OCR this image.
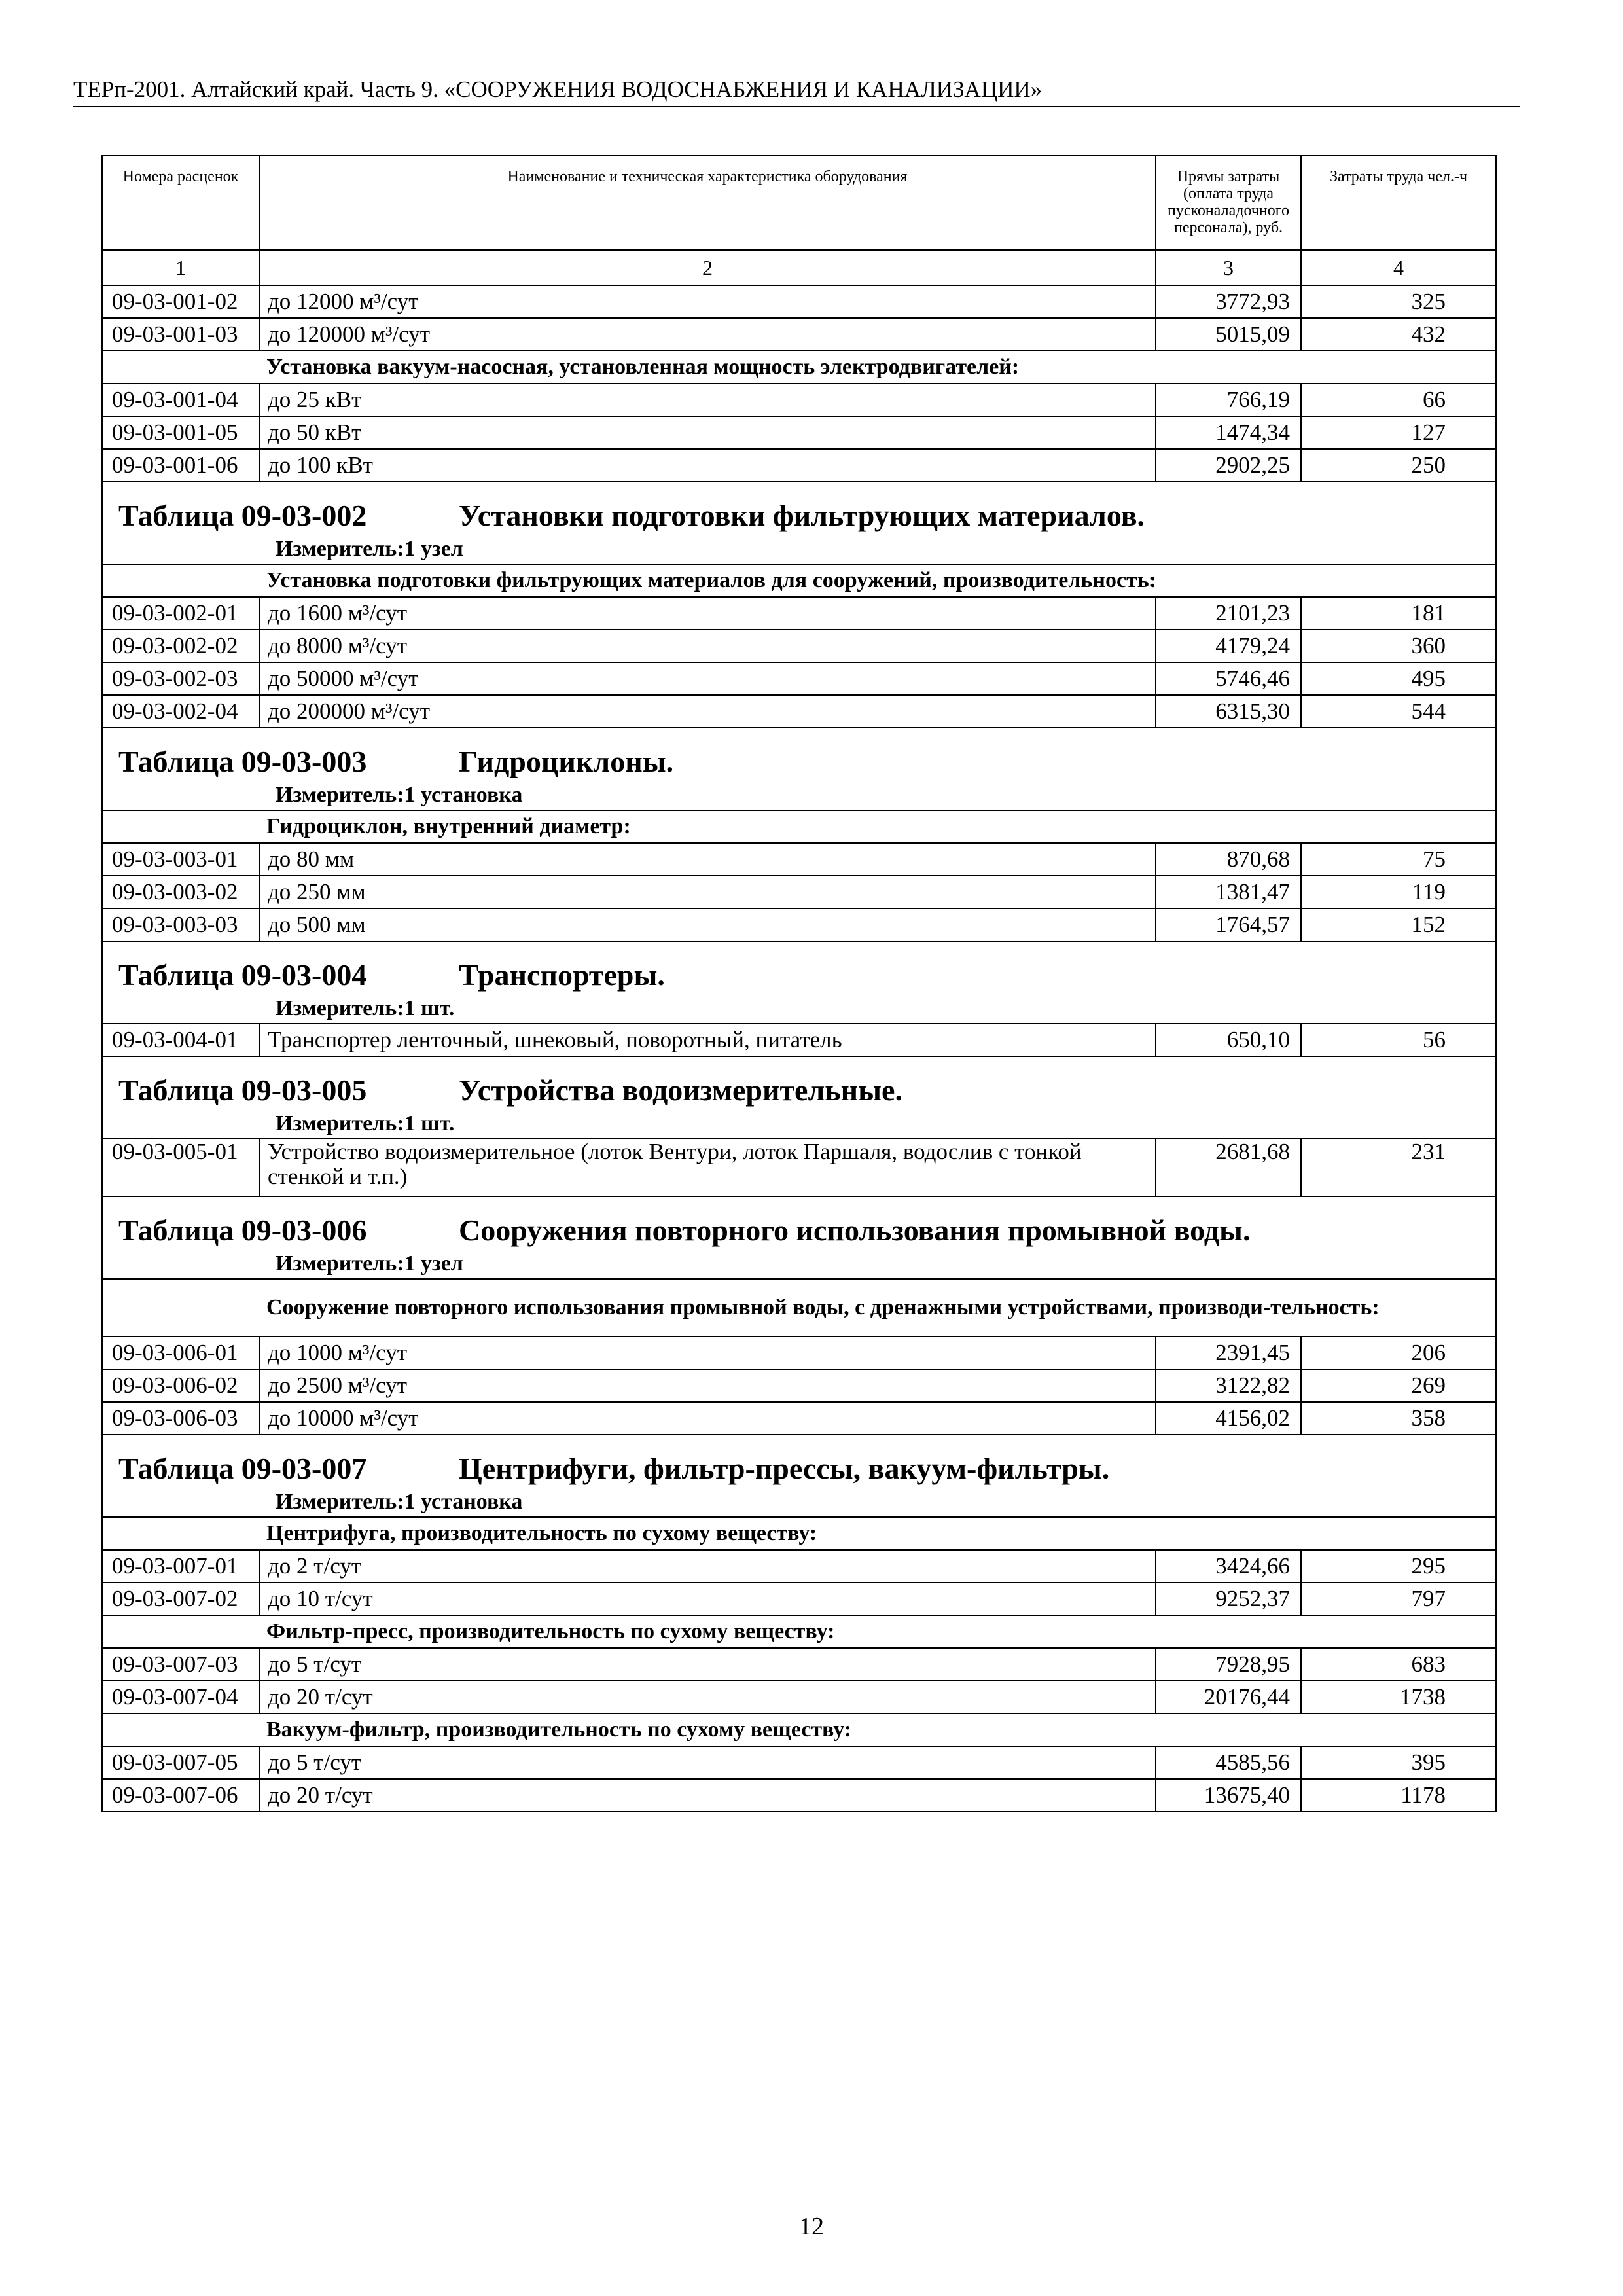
ТЕРп-2001. Алтайский край. Часть 9. «СООРУЖЕНИЯ ВОДОСНАБЖЕНИЯ И КАНАЛИЗАЦИИ»
Номера расценок	Наименование и техническая характеристика оборудования	Прямы затраты (оплата труда пусконаладочного персонала), руб.	Затраты труда чел.-ч
1	2	3	4
09-03-001-02	до 12000 м³/сут	3772,93	325
09-03-001-03	до 120000 м³/сут	5015,09	432
Установка вакуум-насосная, установленная мощность электродвигателей:			
09-03-001-04	до 25 кВт	766,19	66
09-03-001-05	до 50 кВт	1474,34	127
09-03-001-06	до 100 кВт	2902,25	250
Таблица 09-03-002 Установки подготовки фильтрующих материалов.
Измеритель:1 узел			

Установка подготовки фильтрующих материалов для сооружений, производительность:			
09-03-002-01	до 1600 м³/сут	2101,23	181
09-03-002-02	до 8000 м³/сут	4179,24	360
09-03-002-03	до 50000 м³/сут	5746,46	495
09-03-002-04	до 200000 м³/сут	6315,30	544
Таблица 09-03-003 Гидроциклоны.
Измеритель:1 установка			

Гидроциклон, внутренний диаметр:			
09-03-003-01	до 80 мм	870,68	75
09-03-003-02	до 250 мм	1381,47	119
09-03-003-03	до 500 мм	1764,57	152
Таблица 09-03-004 Транспортеры.
Измеритель:1 шт.			

09-03-004-01	Транспортер ленточный, шнековый, поворотный, питатель	650,10	56
Таблица 09-03-005 Устройства водоизмерительные.
Измеритель:1 шт.			

09-03-005-01	Устройство водоизмерительное (лоток Вентури, лоток Паршаля, водослив с тонкой стенкой и т.п.)	2681,68	231
Таблица 09-03-006 Сооружения повторного использования промывной воды.
Измеритель:1 узел			

Сооружение повторного использования промывной воды, с дренажными устройствами, производи-тельность:			
09-03-006-01	до 1000 м³/сут	2391,45	206
09-03-006-02	до 2500 м³/сут	3122,82	269
09-03-006-03	до 10000 м³/сут	4156,02	358
Таблица 09-03-007 Центрифуги, фильтр-прессы, вакуум-фильтры.
Измеритель:1 установка			

Центрифуга, производительность по сухому веществу:			
09-03-007-01	до 2 т/сут	3424,66	295
09-03-007-02	до 10 т/сут	9252,37	797
Фильтр-пресс, производительность по сухому веществу:			
09-03-007-03	до 5 т/сут	7928,95	683
09-03-007-04	до 20 т/сут	20176,44	1738
Вакуум-фильтр, производительность по сухому веществу:			
09-03-007-05	до 5 т/сут	4585,56	395
09-03-007-06	до 20 т/сут	13675,40	1178
12
